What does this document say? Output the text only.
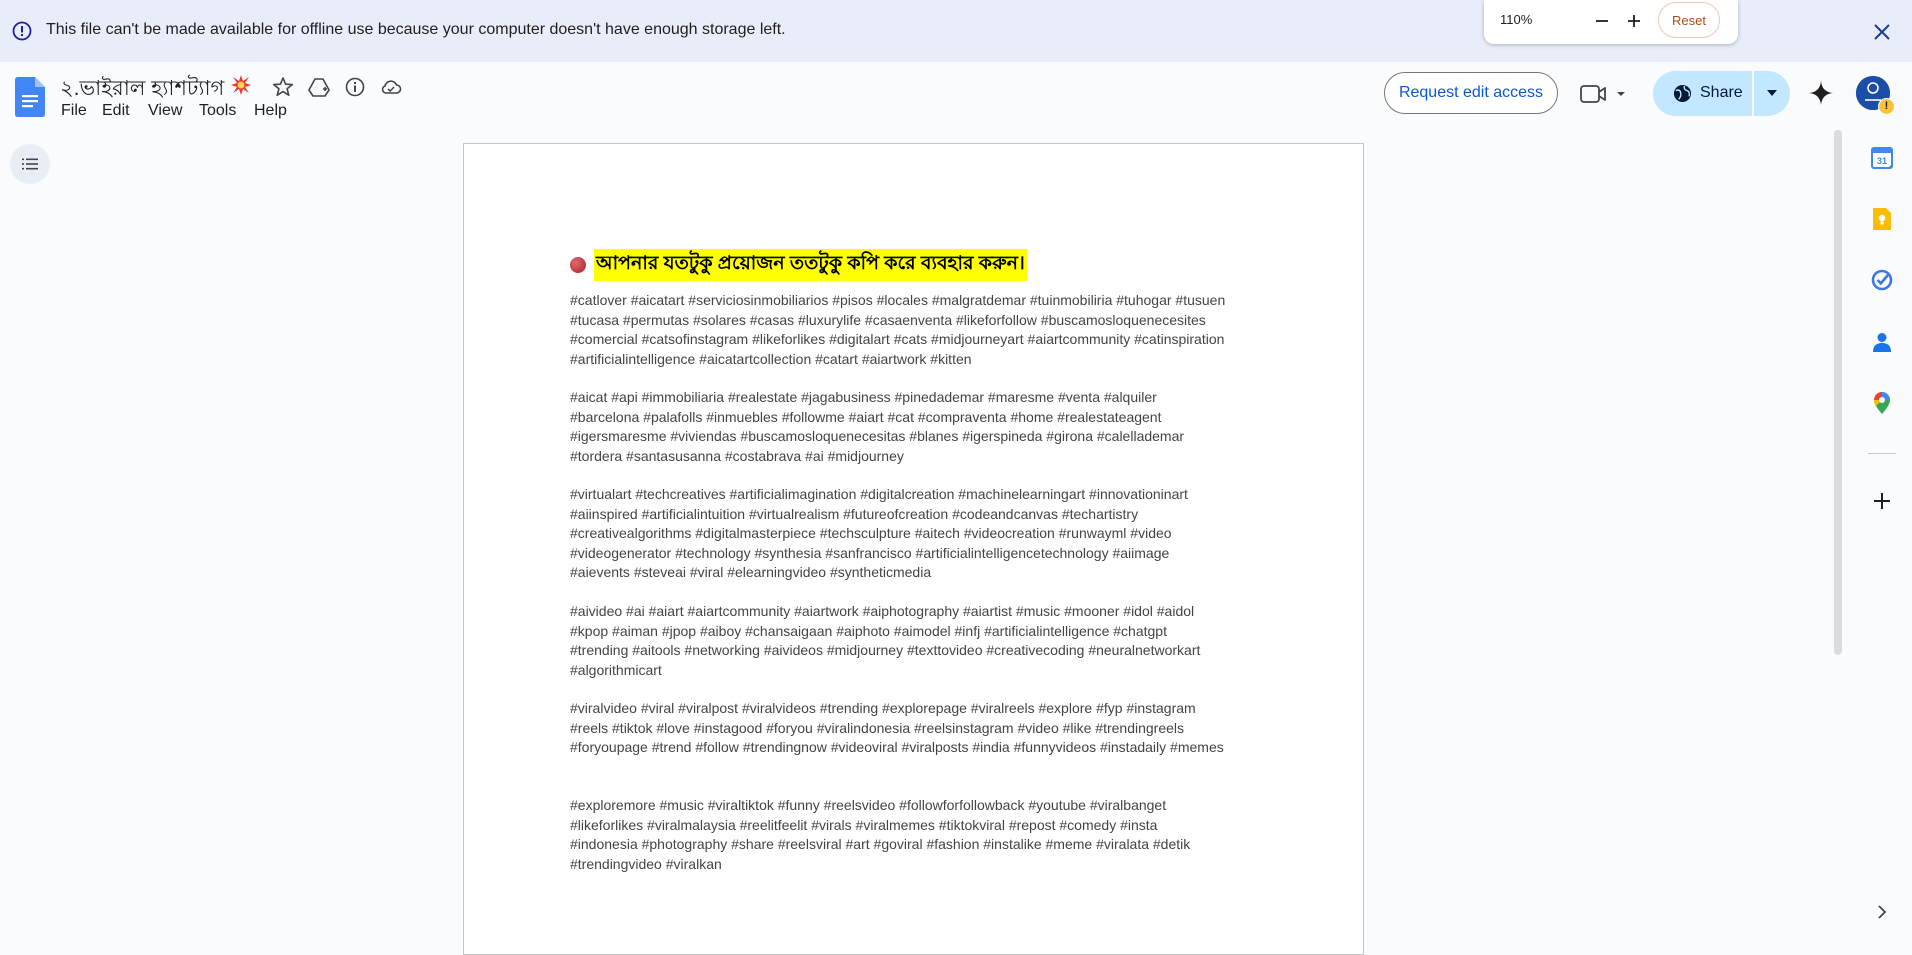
This file can't be made available for offline use because your computer doesn't have enough storage left.
110%	Reset
২.ভাইরাল হ্যাশট্যাগ
File Edit View Tools Help
Request edit access	Share
!
আপনার যতটুকু প্রয়োজন ততটুকু কপি করে ব্যবহার করুন।
#catlover #aicatart #serviciosinmobiliarios #pisos #locales #malgratdemar #tuinmobiliria #tuhogar #tusuen
#tucasa #permutas #solares #casas #luxurylife #casaenventa #likeforfollow #buscamosloquenecesites
#comercial #catsofinstagram #likeforlikes #digitalart #cats #midjourneyart #aiartcommunity #catinspiration
#artificialintelligence #aicatartcollection #catart #aiartwork #kitten
#aicat #api #immobiliaria #realestate #jagabusiness #pinedademar #maresme #venta #alquiler
#barcelona #palafolls #inmuebles #followme #aiart #cat #compraventa #home #realestateagent
#igersmaresme #viviendas #buscamosloquenecesitas #blanes #igerspineda #girona #calellademar
#tordera #santasusanna #costabrava #ai #midjourney
#virtualart #techcreatives #artificialimagination #digitalcreation #machinelearningart #innovationinart
#aiinspired #artificialintuition #virtualrealism #futureofcreation #codeandcanvas #techartistry
#creativealgorithms #digitalmasterpiece #techsculpture #aitech #videocreation #runwayml #video
#videogenerator #technology #synthesia #sanfrancisco #artificialintelligencetechnology #aiimage
#aievents #steveai #viral #elearningvideo #syntheticmedia
#aivideo #ai #aiart #aiartcommunity #aiartwork #aiphotography #aiartist #music #mooner #idol #aidol
#kpop #aiman #jpop #aiboy #chansaigaan #aiphoto #aimodel #infj #artificialintelligence #chatgpt
#trending #aitools #networking #aivideos #midjourney #texttovideo #creativecoding #neuralnetworkart
#algorithmicart
#viralvideo #viral #viralpost #viralvideos #trending #explorepage #viralreels #explore #fyp #instagram
#reels #tiktok #love #instagood #foryou #viralindonesia #reelsinstagram #video #like #trendingreels
#foryoupage #trend #follow #trendingnow #videoviral #viralposts #india #funnyvideos #instadaily #memes
#exploremore #music #viraltiktok #funny #reelsvideo #followforfollowback #youtube #viralbanget
#likeforlikes #viralmalaysia #reelitfeelit #virals #viralmemes #tiktokviral #repost #comedy #insta
#indonesia #photography #share #reelsviral #art #goviral #fashion #instalike #meme #viralata #detik
#trendingvideo #viralkan
31
